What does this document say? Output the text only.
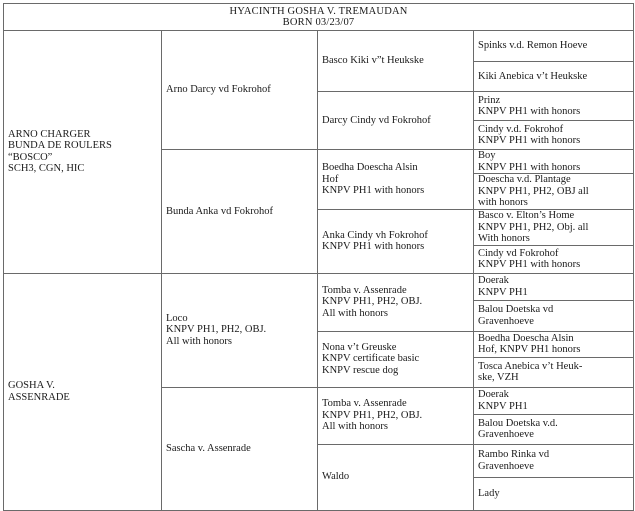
HYACINTH GOSHA V. TREMAUDAN
BORN 03/23/07			

ARNO CHARGER
BUNDA DE ROULERS
“BOSCO”
SCH3, CGN, HIC	Arno Darcy vd Fokrohof	Basco Kiki v”t Heukske	Spinks v.d. Remon Hoeve

			Kiki Anebica v’t Heukske

		Darcy Cindy vd Fokrohof	Prinz
KNPV PH1 with honors

			Cindy v.d. Fokrohof
KNPV PH1 with honors

	Bunda Anka vd Fokrohof	Boedha Doescha Alsin
Hof
KNPV PH1 with honors	Boy
KNPV PH1 with honors

			Doescha v.d. Plantage
KNPV PH1, PH2, OBJ all
with honors

		Anka Cindy vh Fokrohof
KNPV PH1 with honors	Basco v. Elton’s Home
KNPV PH1, PH2, Obj. all
With honors

			Cindy vd Fokrohof
KNPV PH1 with honors

GOSHA V.
ASSENRADE	Loco
KNPV PH1, PH2, OBJ.
All with honors	Tomba v. Assenrade
KNPV PH1, PH2, OBJ.
All with honors	Doerak
KNPV PH1

			Balou Doetska vd
Gravenhoeve

		Nona v’t Greuske
KNPV certificate basic
KNPV rescue dog	Boedha Doescha Alsin
Hof, KNPV PH1 honors

			Tosca Anebica v’t Heuk-
ske, VZH

	Sascha v. Assenrade	Tomba v. Assenrade
KNPV PH1, PH2, OBJ.
All with honors	Doerak
KNPV PH1

			Balou Doetska v.d.
Gravenhoeve

		Waldo	Rambo Rinka vd
Gravenhoeve

			Lady
